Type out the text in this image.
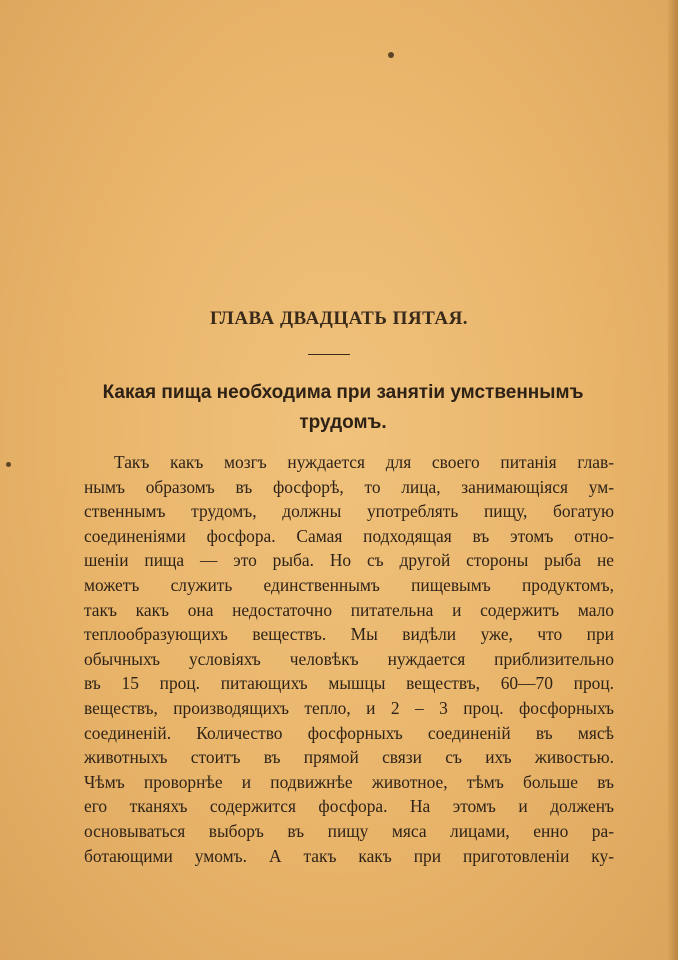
ГЛАВА ДВАДЦАТЬ ПЯТАЯ.
Какая пища необходима при занятіи умственнымъ трудомъ.
Такъ какъ мозгъ нуждается для своего питанія глав-
нымъ образомъ въ фосфорѣ, то лица, занимающіяся ум-
ственнымъ трудомъ, должны употреблять пищу, богатую
соединеніями фосфора. Самая подходящая въ этомъ отно-
шеніи пища — это рыба. Но съ другой стороны рыба не
можетъ служить единственнымъ пищевымъ продуктомъ,
такъ какъ она недостаточно питательна и содержитъ мало
теплообразующихъ веществъ. Мы видѣли уже, что при
обычныхъ условіяхъ человѣкъ нуждается приблизительно
въ 15 проц. питающихъ мышцы веществъ, 60—70 проц.
веществъ, производящихъ тепло, и 2 – 3 проц. фосфорныхъ
соединеній. Количество фосфорныхъ соединеній въ мясѣ
животныхъ стоитъ въ прямой связи съ ихъ живостью.
Чѣмъ проворнѣе и подвижнѣе животное, тѣмъ больше въ
его тканяхъ содержится фосфора. На этомъ и долженъ
основываться выборъ въ пищу мяса лицами, енно ра-
ботающими умомъ. А такъ какъ при приготовленіи ку-
